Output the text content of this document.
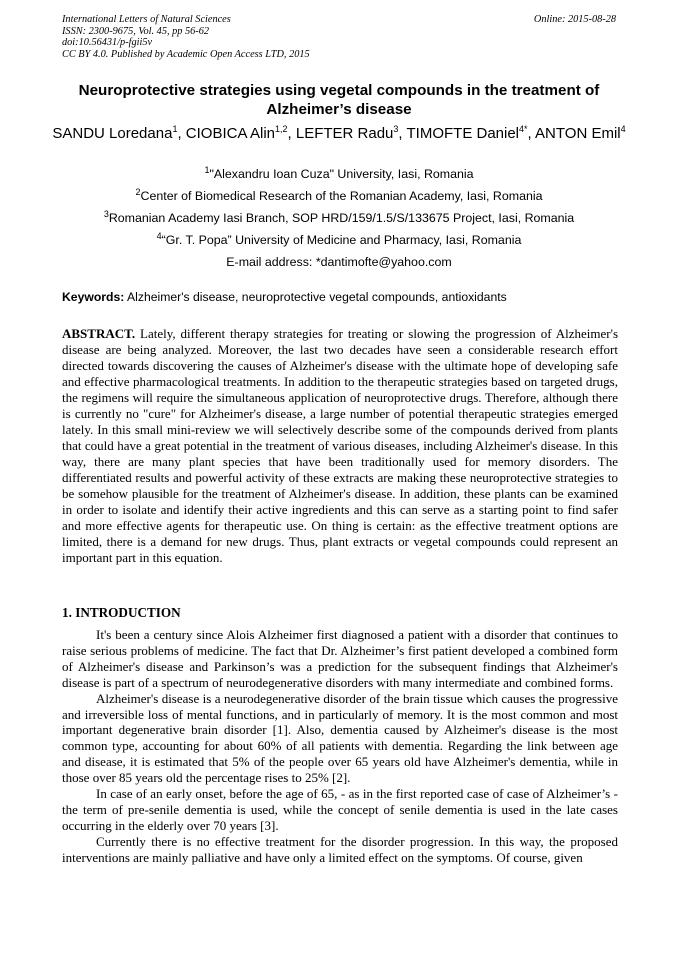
International Letters of Natural Sciences
ISSN: 2300-9675, Vol. 45, pp 56-62
doi:10.56431/p-fgii5v
CC BY 4.0. Published by Academic Open Access LTD, 2015
Online: 2015-08-28
Neuroprotective strategies using vegetal compounds in the treatment of Alzheimer’s disease
SANDU Loredana$^1$, CIOBICA Alin$^{1,2}$, LEFTER Radu$^3$, TIMOFTE Daniel$^{4*}$, ANTON Emil$^4$
$^1$"Alexandru Ioan Cuza" University, Iasi, Romania
$^2$Center of Biomedical Research of the Romanian Academy, Iasi, Romania
$^3$Romanian Academy Iasi Branch, SOP HRD/159/1.5/S/133675 Project, Iasi, Romania
$^4$“Gr. T. Popa” University of Medicine and Pharmacy, Iasi, Romania
E-mail address: *dantimofte@yahoo.com
Keywords: Alzheimer's disease, neuroprotective vegetal compounds, antioxidants

ABSTRACT. Lately, different therapy strategies for treating or slowing the progression of Alzheimer's disease are being analyzed. Moreover, the last two decades have seen a considerable research effort directed towards discovering the causes of Alzheimer's disease with the ultimate hope of developing safe and effective pharmacological treatments. In addition to the therapeutic strategies based on targeted drugs, the regimens will require the simultaneous application of neuroprotective drugs. Therefore, although there is currently no "cure" for Alzheimer's disease, a large number of potential therapeutic strategies emerged lately. In this small mini-review we will selectively describe some of the compounds derived from plants that could have a great potential in the treatment of various diseases, including Alzheimer's disease. In this way, there are many plant species that have been traditionally used for memory disorders. The differentiated results and powerful activity of these extracts are making these neuroprotective strategies to be somehow plausible for the treatment of Alzheimer's disease. In addition, these plants can be examined in order to isolate and identify their active ingredients and this can serve as a starting point to find safer and more effective agents for therapeutic use. On thing is certain: as the effective treatment options are limited, there is a demand for new drugs. Thus, plant extracts or vegetal compounds could represent an important part in this equation.

1. INTRODUCTION

It's been a century since Alois Alzheimer first diagnosed a patient with a disorder that continues to raise serious problems of medicine. The fact that Dr. Alzheimer’s first patient developed a combined form of Alzheimer's disease and Parkinson’s was a prediction for the subsequent findings that Alzheimer's disease is part of a spectrum of neurodegenerative disorders with many intermediate and combined forms.

Alzheimer's disease is a neurodegenerative disorder of the brain tissue which causes the progressive and irreversible loss of mental functions, and in particularly of memory. It is the most common and most important degenerative brain disorder [1]. Also, dementia caused by Alzheimer's disease is the most common type, accounting for about 60% of all patients with dementia. Regarding the link between age and disease, it is estimated that 5% of the people over 65 years old have Alzheimer's dementia, while in those over 85 years old the percentage rises to 25% [2].

In case of an early onset, before the age of 65, - as in the first reported case of case of Alzheimer’s - the term of pre-senile dementia is used, while the concept of senile dementia is used in the late cases occurring in the elderly over 70 years [3].

Currently there is no effective treatment for the disorder progression. In this way, the proposed interventions are mainly palliative and have only a limited effect on the symptoms. Of course, given
